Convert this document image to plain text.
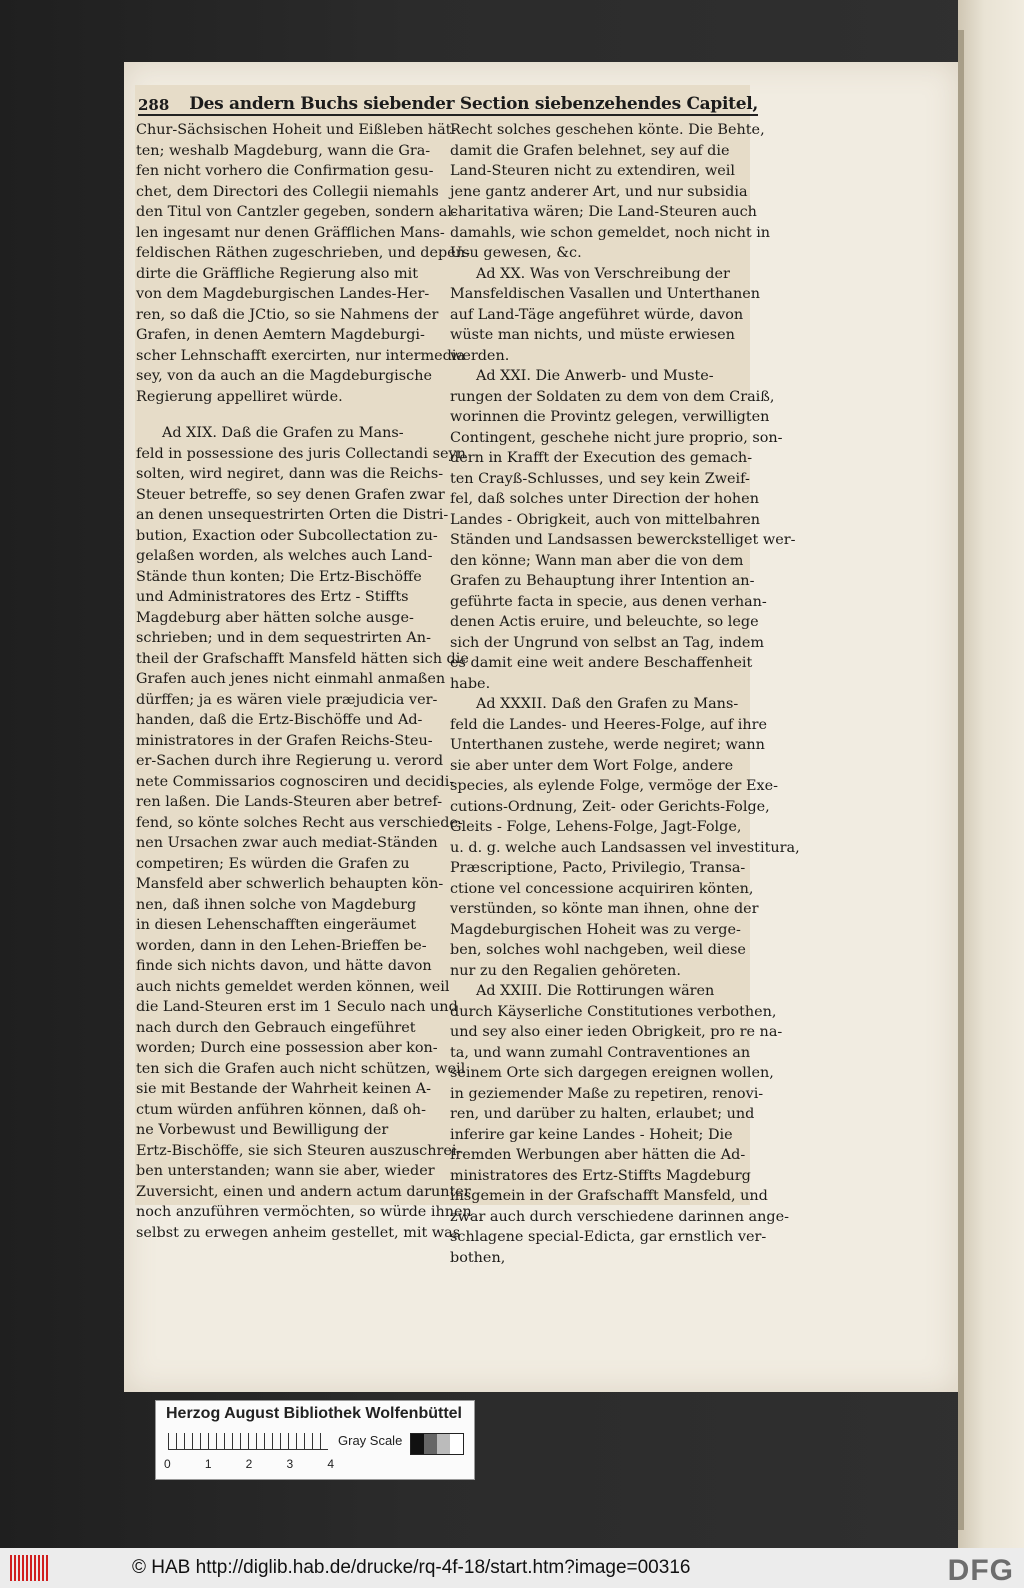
288	Des andern Buchs siebender Section siebenzehendes Capitel,
Chur-Sächsischen Hoheit und Eißleben hät-
ten; weshalb Magdeburg, wann die Gra-
fen nicht vorhero die Confirmation gesu-
chet, dem Directori des Collegii niemahls
den Titul von Cantzler gegeben, sondern al-
len ingesamt nur denen Gräfflichen Mans-
feldischen Räthen zugeschrieben, und depen-
dirte die Gräffliche Regierung also mit
von dem Magdeburgischen Landes-Her-
ren, so daß die JCtio, so sie Nahmens der
Grafen, in denen Aemtern Magdeburgi-
scher Lehnschafft exercirten, nur intermedia
sey, von da auch an die Magdeburgische
Regierung appelliret würde.
Ad XIX. Daß die Grafen zu Mans-
feld in possessione des juris Collectandi seyn
solten, wird negiret, dann was die Reichs-
Steuer betreffe, so sey denen Grafen zwar
an denen unsequestrirten Orten die Distri-
bution, Exaction oder Subcollectation zu-
gelaßen worden, als welches auch Land-
Stände thun konten; Die Ertz-Bischöffe
und Administratores des Ertz - Stiffts
Magdeburg aber hätten solche ausge-
schrieben; und in dem sequestrirten An-
theil der Grafschafft Mansfeld hätten sich die
Grafen auch jenes nicht einmahl anmaßen
dürffen; ja es wären viele præjudicia ver-
handen, daß die Ertz-Bischöffe und Ad-
ministratores in der Grafen Reichs-Steu-
er-Sachen durch ihre Regierung u. verord
nete Commissarios cognosciren und decidi-
ren laßen. Die Lands-Steuren aber betref-
fend, so könte solches Recht aus verschiede-
nen Ursachen zwar auch mediat-Ständen
competiren; Es würden die Grafen zu
Mansfeld aber schwerlich behaupten kön-
nen, daß ihnen solche von Magdeburg
in diesen Lehenschafften eingeräumet
worden, dann in den Lehen-Brieffen be-
finde sich nichts davon, und hätte davon
auch nichts gemeldet werden können, weil
die Land-Steuren erst im 1 Seculo nach und
nach durch den Gebrauch eingeführet
worden; Durch eine possession aber kon-
ten sich die Grafen auch nicht schützen, weil
sie mit Bestande der Wahrheit keinen A-
ctum würden anführen können, daß oh-
ne Vorbewust und Bewilligung der
Ertz-Bischöffe, sie sich Steuren auszuschrei-
ben unterstanden; wann sie aber, wieder
Zuversicht, einen und andern actum darunter
noch anzuführen vermöchten, so würde ihnen
selbst zu erwegen anheim gestellet, mit was
Recht solches geschehen könte. Die Behte,
damit die Grafen belehnet, sey auf die
Land-Steuren nicht zu extendiren, weil
jene gantz anderer Art, und nur subsidia
charitativa wären; Die Land-Steuren auch
damahls, wie schon gemeldet, noch nicht in
Usu gewesen, &c.
Ad XX. Was von Verschreibung der
Mansfeldischen Vasallen und Unterthanen
auf Land-Täge angeführet würde, davon
wüste man nichts, und müste erwiesen
werden.
Ad XXI. Die Anwerb- und Muste-
rungen der Soldaten zu dem von dem Craiß,
worinnen die Provintz gelegen, verwilligten
Contingent, geschehe nicht jure proprio, son-
dern in Krafft der Execution des gemach-
ten Crayß-Schlusses, und sey kein Zweif-
fel, daß solches unter Direction der hohen
Landes - Obrigkeit, auch von mittelbahren
Ständen und Landsassen bewerckstelliget wer-
den könne; Wann man aber die von dem
Grafen zu Behauptung ihrer Intention an-
geführte facta in specie, aus denen verhan-
denen Actis eruire, und beleuchte, so lege
sich der Ungrund von selbst an Tag, indem
es damit eine weit andere Beschaffenheit
habe.
Ad XXXII. Daß den Grafen zu Mans-
feld die Landes- und Heeres-Folge, auf ihre
Unterthanen zustehe, werde negiret; wann
sie aber unter dem Wort Folge, andere
species, als eylende Folge, vermöge der Exe-
cutions-Ordnung, Zeit- oder Gerichts-Folge,
Gleits - Folge, Lehens-Folge, Jagt-Folge,
u. d. g. welche auch Landsassen vel investitura,
Præscriptione, Pacto, Privilegio, Transa-
ctione vel concessione acquiriren könten,
verstünden, so könte man ihnen, ohne der
Magdeburgischen Hoheit was zu verge-
ben, solches wohl nachgeben, weil diese
nur zu den Regalien gehöreten.
Ad XXIII. Die Rottirungen wären
durch Käyserliche Constitutiones verbothen,
und sey also einer ieden Obrigkeit, pro re na-
ta, und wann zumahl Contraventiones an
seinem Orte sich dargegen ereignen wollen,
in geziemender Maße zu repetiren, renovi-
ren, und darüber zu halten, erlaubet; und
inferire gar keine Landes - Hoheit; Die
fremden Werbungen aber hätten die Ad-
ministratores des Ertz-Stiffts Magdeburg
insgemein in der Grafschafft Mansfeld, und
zwar auch durch verschiedene darinnen ange-
schlagene special-Edicta, gar ernstlich ver-
bothen,
Herzog August Bibliothek Wolfenbüttel
0	1	2	3	4
Gray Scale
© HAB http://diglib.hab.de/drucke/rq-4f-18/start.htm?image=00316	DFG
